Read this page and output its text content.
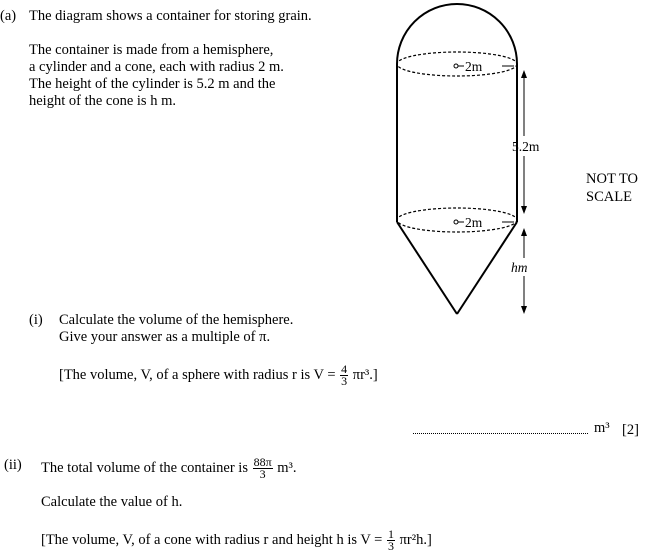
(a) The diagram shows a container for storing grain.
The container is made from a hemisphere,
a cylinder and a cone, each with radius 2 m.
The height of the cylinder is 5.2 m and the
height of the cone is h m.
2m
2m
5.2m
hm
NOT TO
SCALE
(i) Calculate the volume of the hemisphere.
Give your answer as a multiple of π.
[The volume, V, of a sphere with radius r is $V = \frac{4}{3} \pi r^3$.]
m³ [2]
(ii) The total volume of the container is $\frac{88\pi}{3} m^3$.
Calculate the value of h.
[The volume, V, of a cone with radius r and height h is $V = \frac{1}{3} \pi r^2h$.]
